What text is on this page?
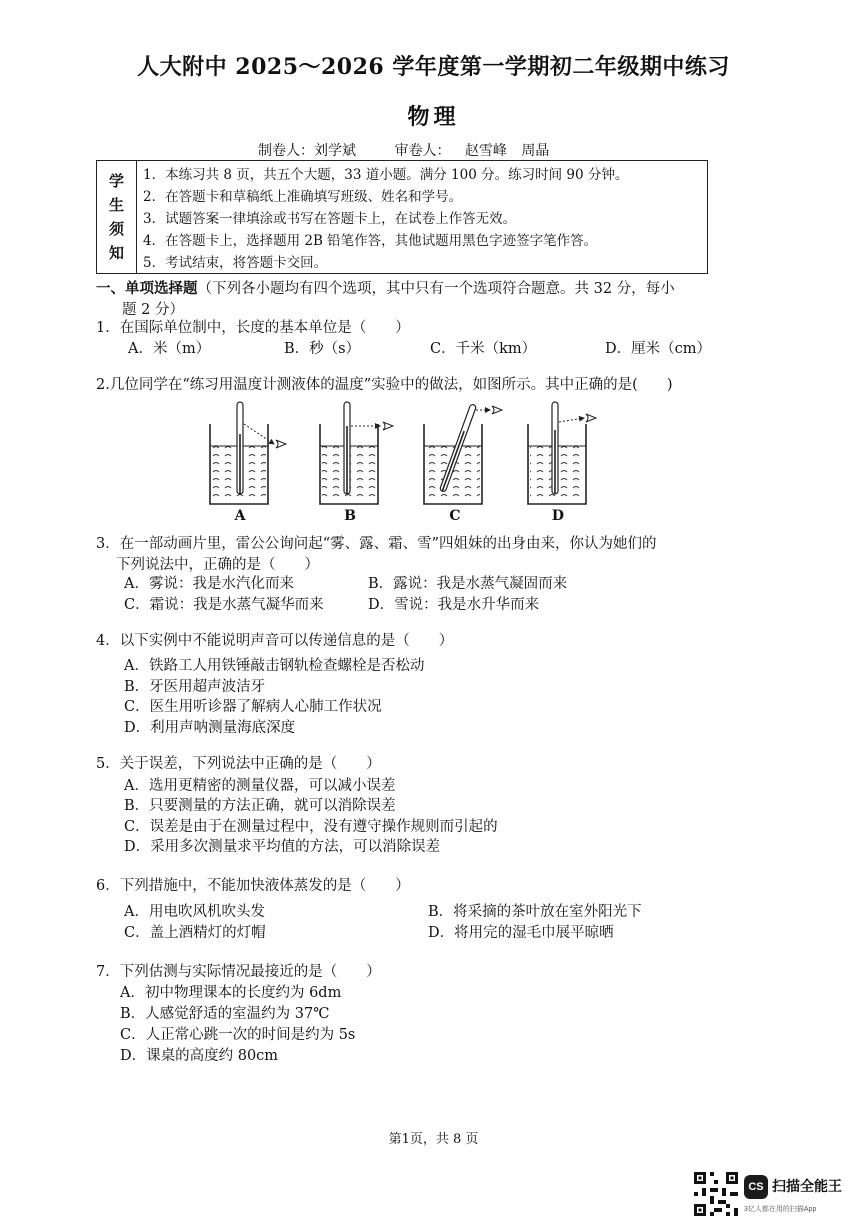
人大附中 2025～2026 学年度第一学期初二年级期中练习
物理
制卷人：刘学斌	审卷人： 赵雪峰 周晶
学
生
须
知
1．本练习共 8 页，共五个大题，33 道小题。满分 100 分。练习时间 90 分钟。
2．在答题卡和草稿纸上准确填写班级、姓名和学号。
3．试题答案一律填涂或书写在答题卡上，在试卷上作答无效。
4．在答题卡上，选择题用 2B 铅笔作答，其他试题用黑色字迹签字笔作答。
5．考试结束，将答题卡交回。
一、单项选择题（下列各小题均有四个选项，其中只有一个选项符合题意。共 32 分，每小
题 2 分）
1．在国际单位制中，长度的基本单位是（　　）
A．米（m）	B．秒（s）	C．千米（km）	D．厘米（cm）
2.几位同学在“练习用温度计测液体的温度”实验中的做法，如图所示。其中正确的是(　　)
A	B	C	D
3．在一部动画片里，雷公公询问起“雾、露、霜、雪”四姐妹的出身由来，你认为她们的
下列说法中，正确的是（　　）
A．雾说：我是水汽化而来	B．露说：我是水蒸气凝固而来
C．霜说：我是水蒸气凝华而来	D．雪说：我是水升华而来
4．以下实例中不能说明声音可以传递信息的是（　　）
A．铁路工人用铁锤敲击钢轨检查螺栓是否松动
B．牙医用超声波洁牙
C．医生用听诊器了解病人心肺工作状况
D．利用声呐测量海底深度
5．关于误差，下列说法中正确的是（　　）
A．选用更精密的测量仪器，可以减小误差
B．只要测量的方法正确，就可以消除误差
C．误差是由于在测量过程中，没有遵守操作规则而引起的
D．采用多次测量求平均值的方法，可以消除误差
6．下列措施中，不能加快液体蒸发的是（　　）
A．用电吹风机吹头发	B．将采摘的茶叶放在室外阳光下
C．盖上酒精灯的灯帽	D．将用完的湿毛巾展平晾晒
7．下列估测与实际情况最接近的是（　　）
A．初中物理课本的长度约为 6dm
B．人感觉舒适的室温约为 37℃
C．人正常心跳一次的时间是约为 5s
D．课桌的高度约 80cm
第1页，共 8 页
CS 扫描全能王
3亿人都在用的扫描App
